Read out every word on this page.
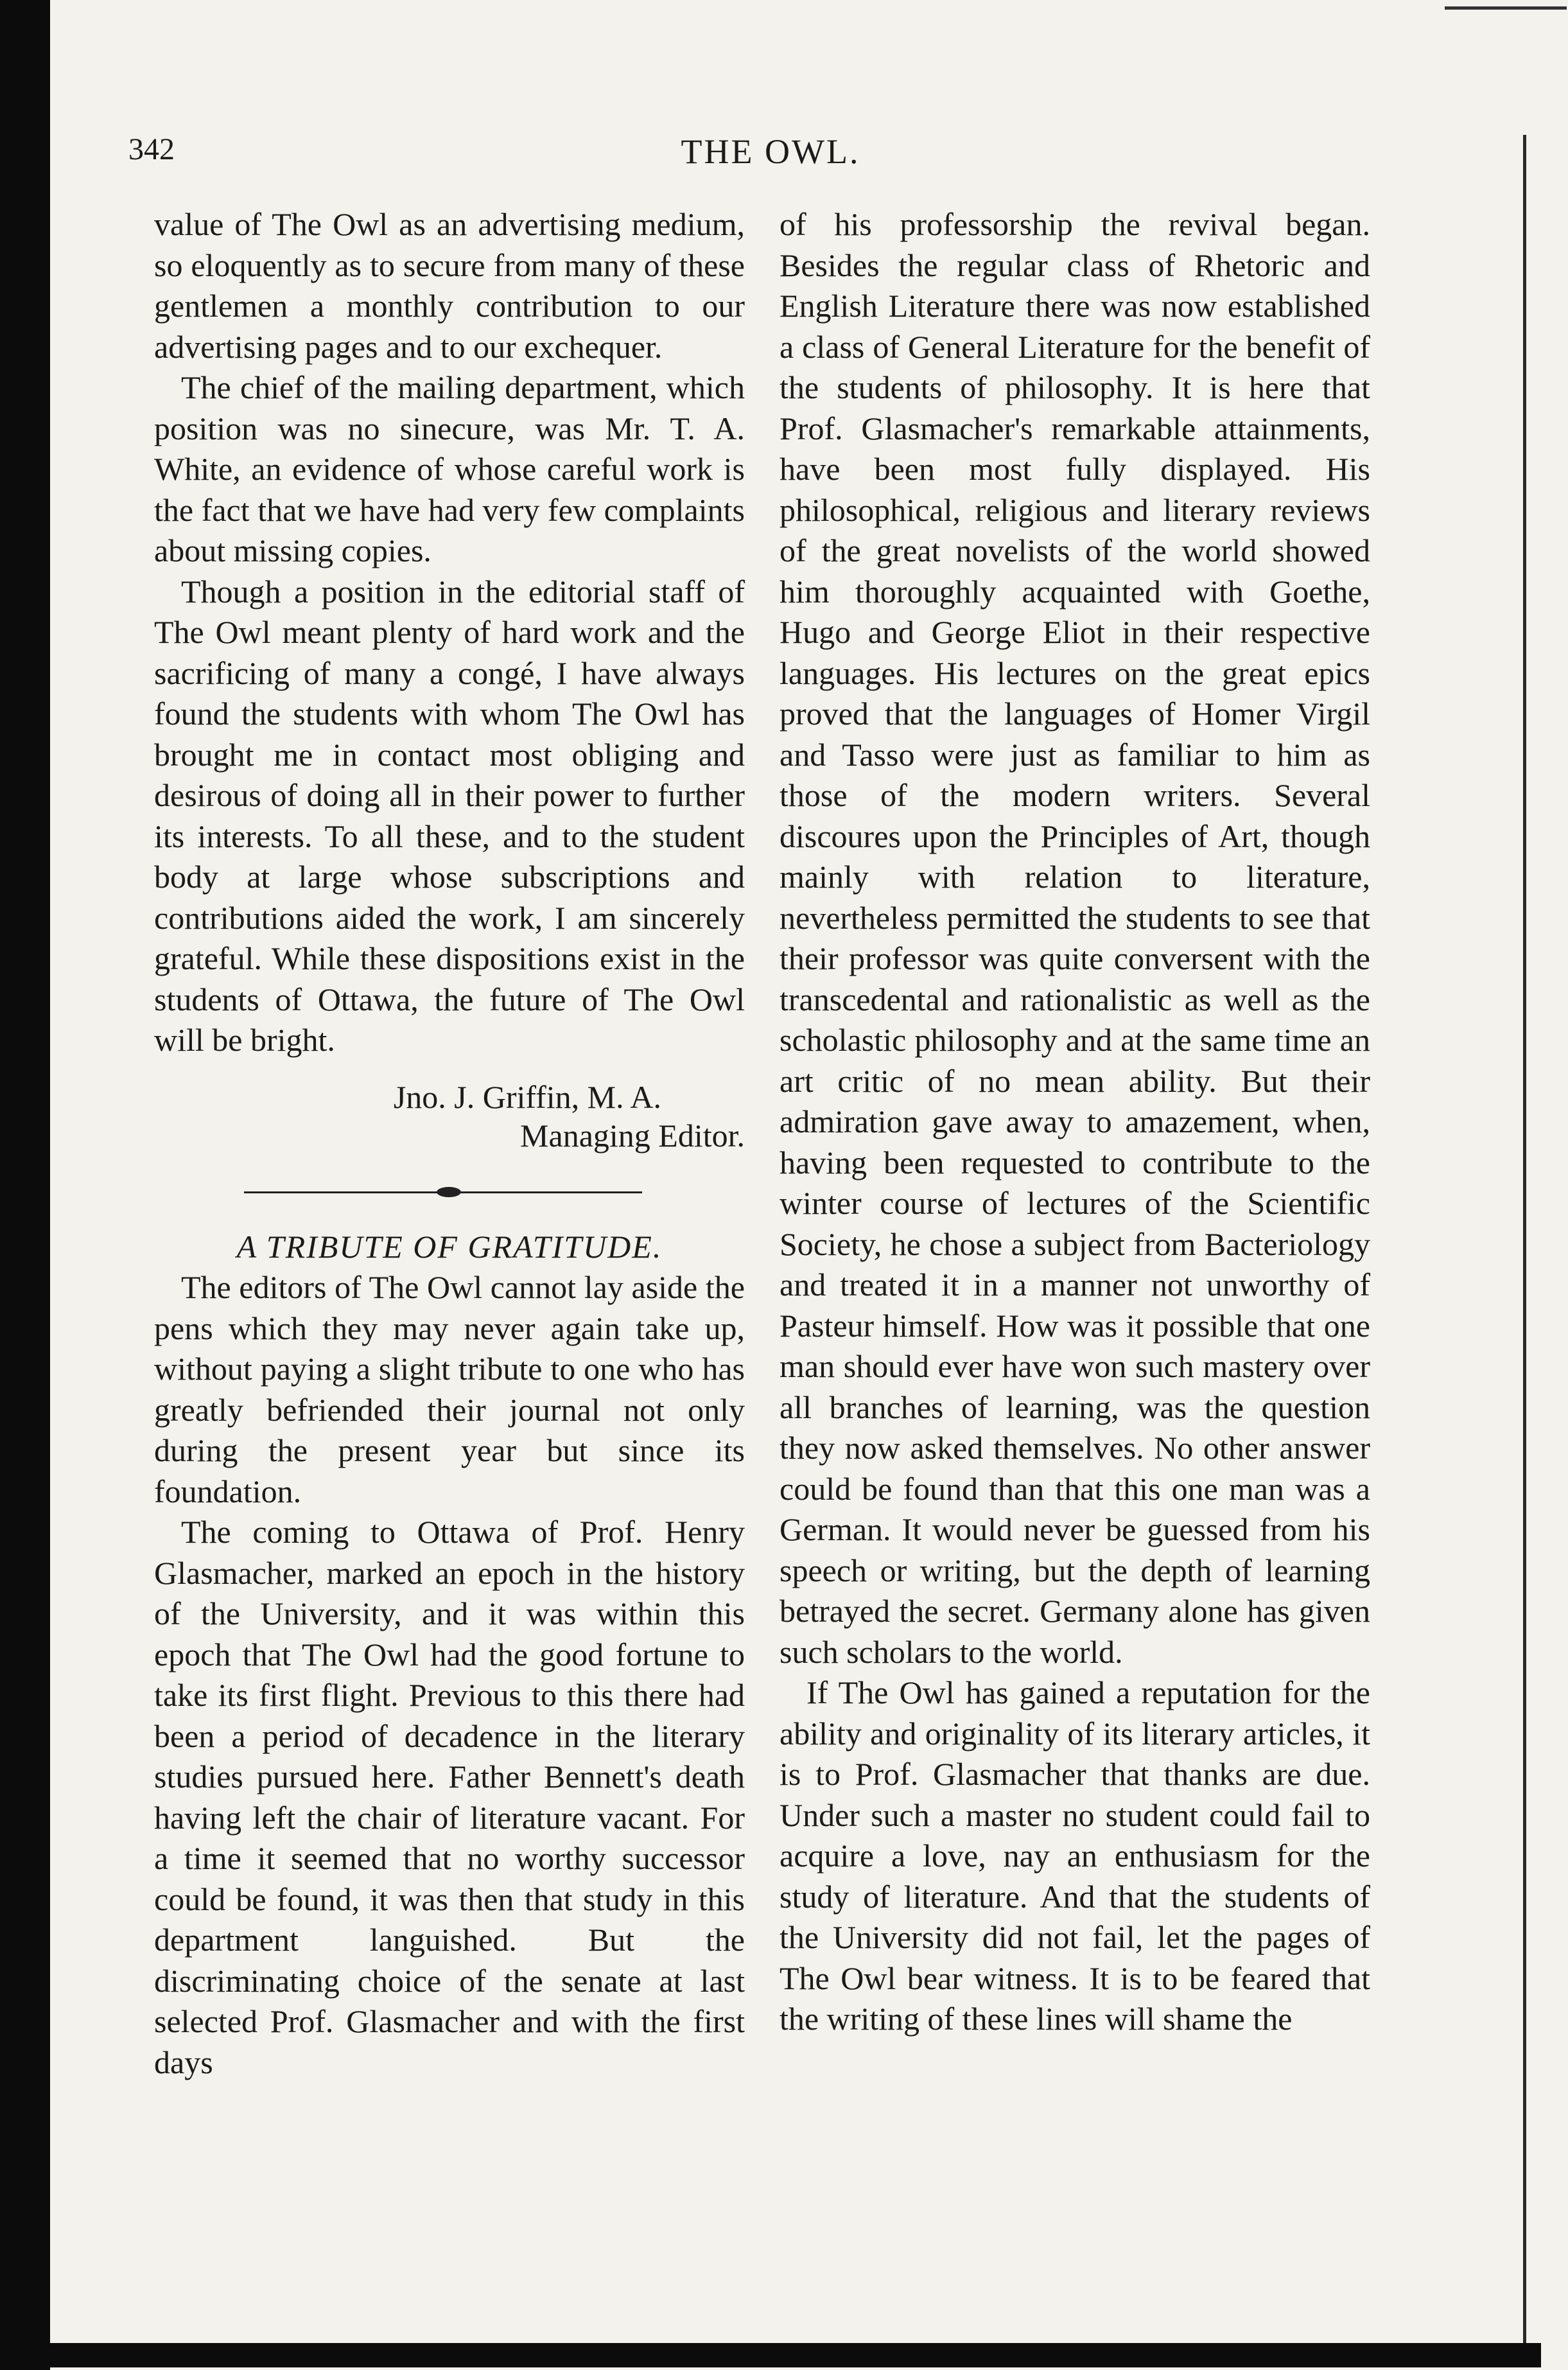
342	THE OWL.

value of The Owl as an advertising medium, so eloquently as to secure from many of these gentlemen a monthly contribution to our advertising pages and to our exchequer.

The chief of the mailing department, which position was no sinecure, was Mr. T. A. White, an evidence of whose careful work is the fact that we have had very few complaints about missing copies.

Though a position in the editorial staff of The Owl meant plenty of hard work and the sacrificing of many a congé, I have always found the students with whom The Owl has brought me in contact most obliging and desirous of doing all in their power to further its interests. To all these, and to the student body at large whose subscriptions and contributions aided the work, I am sincerely grateful. While these dispositions exist in the students of Ottawa, the future of The Owl will be bright.

Jno. J. Griffin, M. A.
Managing Editor.

A TRIBUTE OF GRATITUDE.

The editors of The Owl cannot lay aside the pens which they may never again take up, without paying a slight tribute to one who has greatly befriended their journal not only during the present year but since its foundation.

The coming to Ottawa of Prof. Henry Glasmacher, marked an epoch in the history of the University, and it was within this epoch that The Owl had the good fortune to take its first flight. Previous to this there had been a period of decadence in the literary studies pursued here. Father Bennett's death having left the chair of literature vacant. For a time it seemed that no worthy successor could be found, it was then that study in this department languished. But the discriminating choice of the senate at last selected Prof. Glasmacher and with the first days

of his professorship the revival began. Besides the regular class of Rhetoric and English Literature there was now established a class of General Literature for the benefit of the students of philosophy. It is here that Prof. Glasmacher's remarkable attainments, have been most fully displayed. His philosophical, religious and literary reviews of the great novelists of the world showed him thoroughly acquainted with Goethe, Hugo and George Eliot in their respective languages. His lectures on the great epics proved that the languages of Homer Virgil and Tasso were just as familiar to him as those of the modern writers. Several discoures upon the Principles of Art, though mainly with relation to literature, nevertheless permitted the students to see that their professor was quite conversent with the transcedental and rationalistic as well as the scholastic philosophy and at the same time an art critic of no mean ability. But their admiration gave away to amazement, when, having been requested to contribute to the winter course of lectures of the Scientific Society, he chose a subject from Bacteriology and treated it in a manner not unworthy of Pasteur himself. How was it possible that one man should ever have won such mastery over all branches of learning, was the question they now asked themselves. No other answer could be found than that this one man was a German. It would never be guessed from his speech or writing, but the depth of learning betrayed the secret. Germany alone has given such scholars to the world.

If The Owl has gained a reputation for the ability and originality of its literary articles, it is to Prof. Glasmacher that thanks are due. Under such a master no student could fail to acquire a love, nay an enthusiasm for the study of literature. And that the students of the University did not fail, let the pages of The Owl bear witness. It is to be feared that the writing of these lines will shame the
